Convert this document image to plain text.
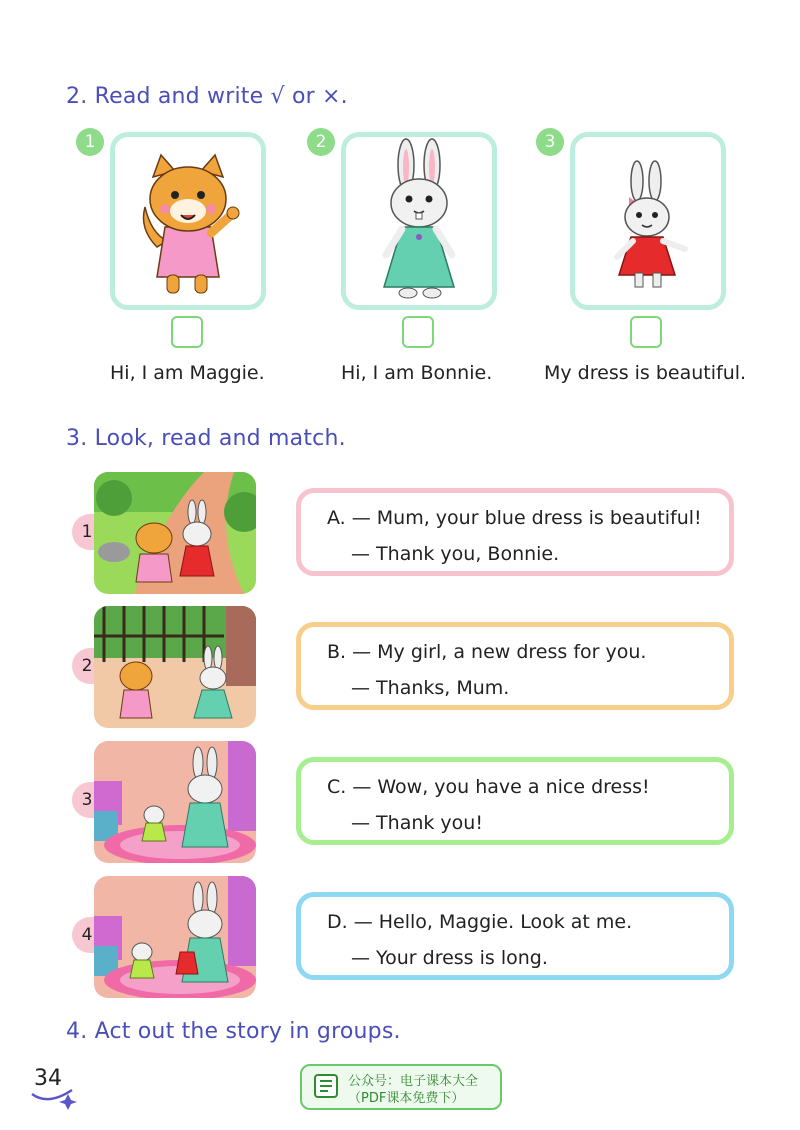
2. Read and write √ or ×.
1
Hi, I am Maggie.
2
Hi, I am Bonnie.
3
My dress is beautiful.
3. Look, read and match.
1
2
3
4
A. — Mum, your blue dress is beautiful!
— Thank you, Bonnie.
B. — My girl, a new dress for you.
— Thanks, Mum.
C. — Wow, you have a nice dress!
— Thank you!
D. — Hello, Maggie. Look at me.
— Your dress is long.
4. Act out the story in groups.
34	公众号：电子课本大全
（PDF课本免费下）
